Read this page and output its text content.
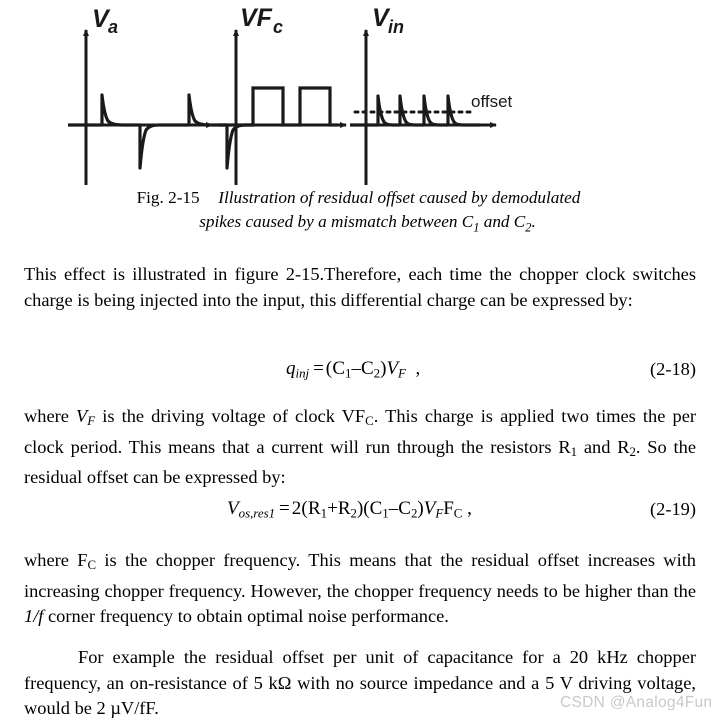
V a	VF c	V in
offset
Fig. 2-15 Illustration of residual offset caused by demodulated
spikes caused by a mismatch between $C_1$ and $C_2$.
This effect is illustrated in figure 2-15.Therefore, each time the chopper clock switches charge is being injected into the input, this differential charge can be expressed by:
$q_{inj}$ = $(C_1-C_2)V_F$  ,	(2-18)
where $V_F$ is the driving voltage of clock $VF_C$. This charge is applied two times the per clock period. This means that a current will run through the resistors $R_1$ and $R_2$. So the residual offset can be expressed by:
$V_{os,res1}$ = $2(R_1+R_2)(C_1-C_2)V_FF_C$ ,	(2-19)
where $F_C$ is the chopper frequency. This means that the residual offset increases with increasing chopper frequency. However, the chopper frequency needs to be higher than the 1/f corner frequency to obtain optimal noise performance.
For example the residual offset per unit of capacitance for a 20 kHz chopper frequency, an on-resistance of 5 kΩ with no source impedance and a 5 V driving voltage, would be 2 µV/fF.	CSDN @Analog4Fun
